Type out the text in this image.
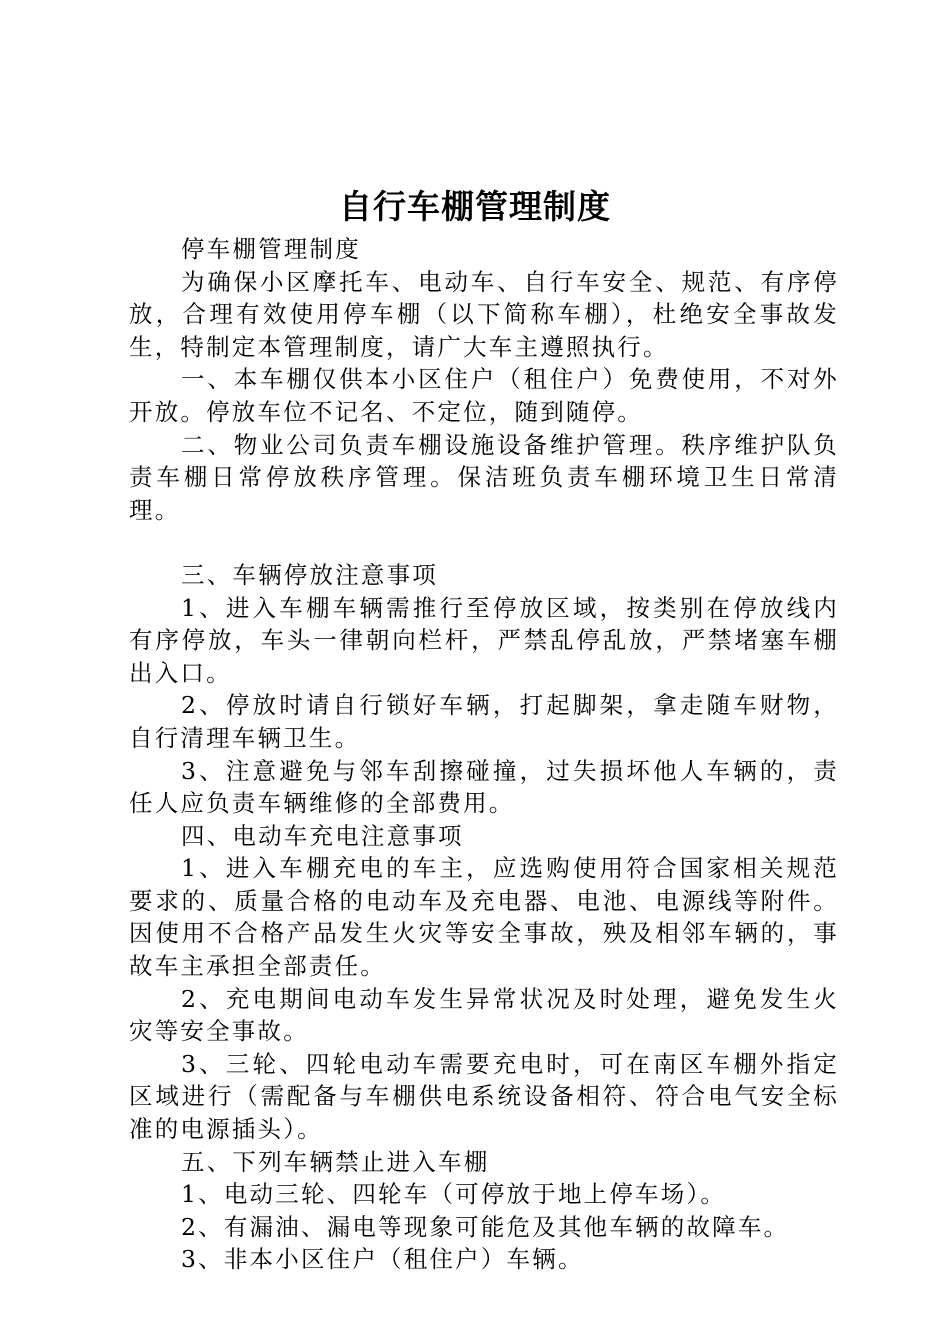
自行车棚管理制度

停车棚管理制度

为确保小区摩托车、电动车、自行车安全、规范、有序停放，合理有效使用停车棚（以下简称车棚），杜绝安全事故发生，特制定本管理制度，请广大车主遵照执行。

一、本车棚仅供本小区住户（租住户）免费使用，不对外开放。停放车位不记名、不定位，随到随停。

二、物业公司负责车棚设施设备维护管理。秩序维护队负责车棚日常停放秩序管理。保洁班负责车棚环境卫生日常清理。

三、车辆停放注意事项

1、进入车棚车辆需推行至停放区域，按类别在停放线内有序停放，车头一律朝向栏杆，严禁乱停乱放，严禁堵塞车棚出入口。

2、停放时请自行锁好车辆，打起脚架，拿走随车财物，自行清理车辆卫生。

3、注意避免与邻车刮擦碰撞，过失损坏他人车辆的，责任人应负责车辆维修的全部费用。

四、电动车充电注意事项

1、进入车棚充电的车主，应选购使用符合国家相关规范要求的、质量合格的电动车及充电器、电池、电源线等附件。因使用不合格产品发生火灾等安全事故，殃及相邻车辆的，事故车主承担全部责任。

2、充电期间电动车发生异常状况及时处理，避免发生火灾等安全事故。

3、三轮、四轮电动车需要充电时，可在南区车棚外指定区域进行（需配备与车棚供电系统设备相符、符合电气安全标准的电源插头）。

五、下列车辆禁止进入车棚

1、电动三轮、四轮车（可停放于地上停车场）。

2、有漏油、漏电等现象可能危及其他车辆的故障车。

3、非本小区住户（租住户）车辆。
